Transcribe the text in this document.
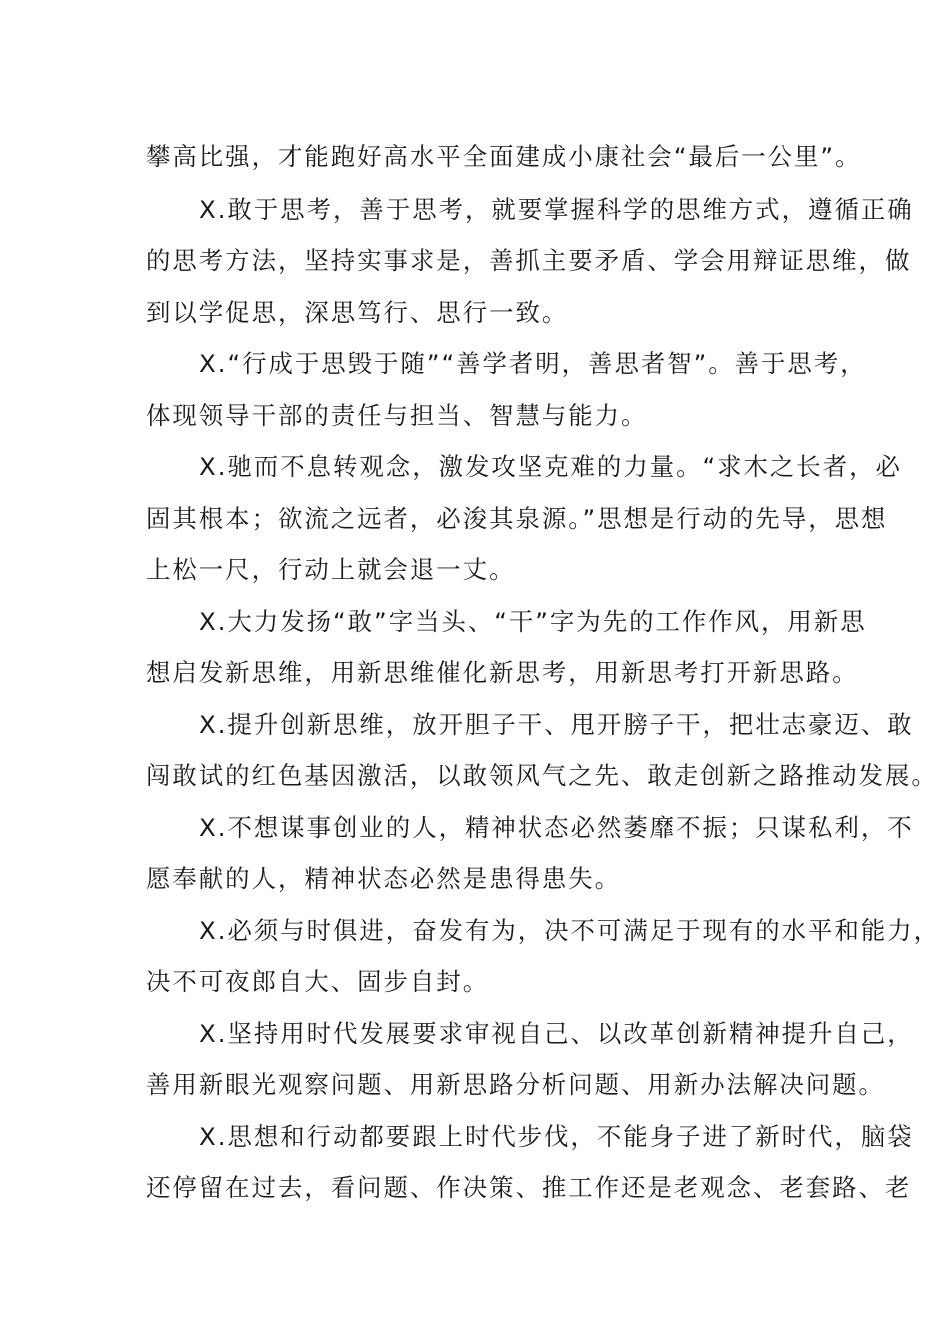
攀高比强，才能跑好高水平全面建成小康社会“最后一公里”。

X.敢于思考，善于思考，就要掌握科学的思维方式，遵循正确
的思考方法，坚持实事求是，善抓主要矛盾、学会用辩证思维，做
到以学促思，深思笃行、思行一致。

X.“行成于思毁于随”“善学者明，善思者智”。善于思考，
体现领导干部的责任与担当、智慧与能力。

X.驰而不息转观念，激发攻坚克难的力量。“求木之长者，必
固其根本；欲流之远者，必浚其泉源。”思想是行动的先导，思想
上松一尺，行动上就会退一丈。

X.大力发扬“敢”字当头、“干”字为先的工作作风，用新思
想启发新思维，用新思维催化新思考，用新思考打开新思路。

X.提升创新思维，放开胆子干、甩开膀子干，把壮志豪迈、敢
闯敢试的红色基因激活，以敢领风气之先、敢走创新之路推动发展。

X.不想谋事创业的人，精神状态必然萎靡不振；只谋私利，不
愿奉献的人，精神状态必然是患得患失。

X.必须与时俱进，奋发有为，决不可满足于现有的水平和能力，
决不可夜郎自大、固步自封。

X.坚持用时代发展要求审视自己、以改革创新精神提升自己，
善用新眼光观察问题、用新思路分析问题、用新办法解决问题。

X.思想和行动都要跟上时代步伐，不能身子进了新时代，脑袋
还停留在过去，看问题、作决策、推工作还是老观念、老套路、老
